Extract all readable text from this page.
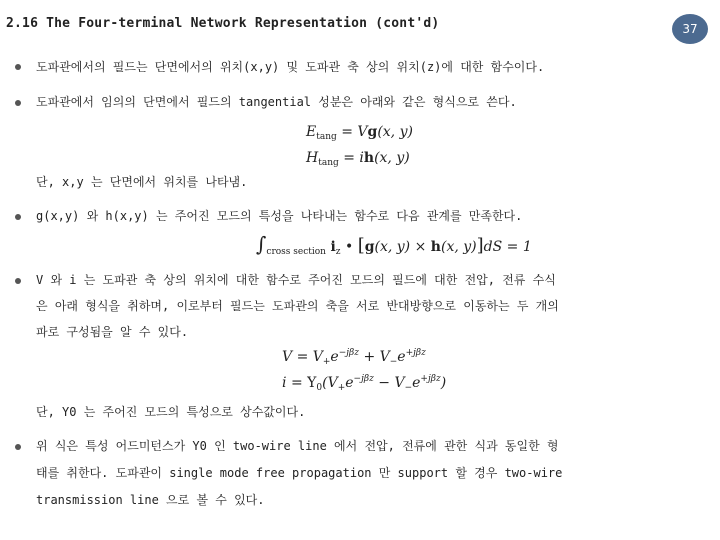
2.16 The Four-terminal Network Representation (cont'd)	37
도파관에서의 필드는 단면에서의 위치(x,y) 및 도파관 축 상의 위치(z)에 대한 함수이다.
도파관에서 임의의 단면에서 필드의 tangential 성분은 아래와 같은 형식으로 쓴다.
$E_{tang} = Vg(x$, y)
$H_{tang} = ih(x$, y)
단, x,y 는 단면에서 위치를 나타냄.
g(x,y) 와 h(x,y) 는 주어진 모드의 특성을 나타내는 함수로 다음 관계를 만족한다.
$\int_{cross section}$ $i_z$ • [g(x, y) × h(x, y)]dS = 1
V 와 i 는 도파관 축 상의 위치에 대한 함수로 주어진 모드의 필드에 대한 전압, 전류 수식
은 아래 형식을 취하며, 이로부터 필드는 도파관의 축을 서로 반대방향으로 이동하는 두 개의
파로 구성됨을 알 수 있다.
$V = V_+e^{-j\beta z} + V_-e^{+j\beta z}$
$i = Y_0(V_+e^{-j\beta z} - V_-e^{+j\beta z})$
단, Y0 는 주어진 모드의 특성으로 상수값이다.
위 식은 특성 어드미턴스가 Y0 인 two-wire line 에서 전압, 전류에 관한 식과 동일한 형
태를 취한다. 도파관이 single mode free propagation 만 support 할 경우 two-wire
transmission line 으로 볼 수 있다.
